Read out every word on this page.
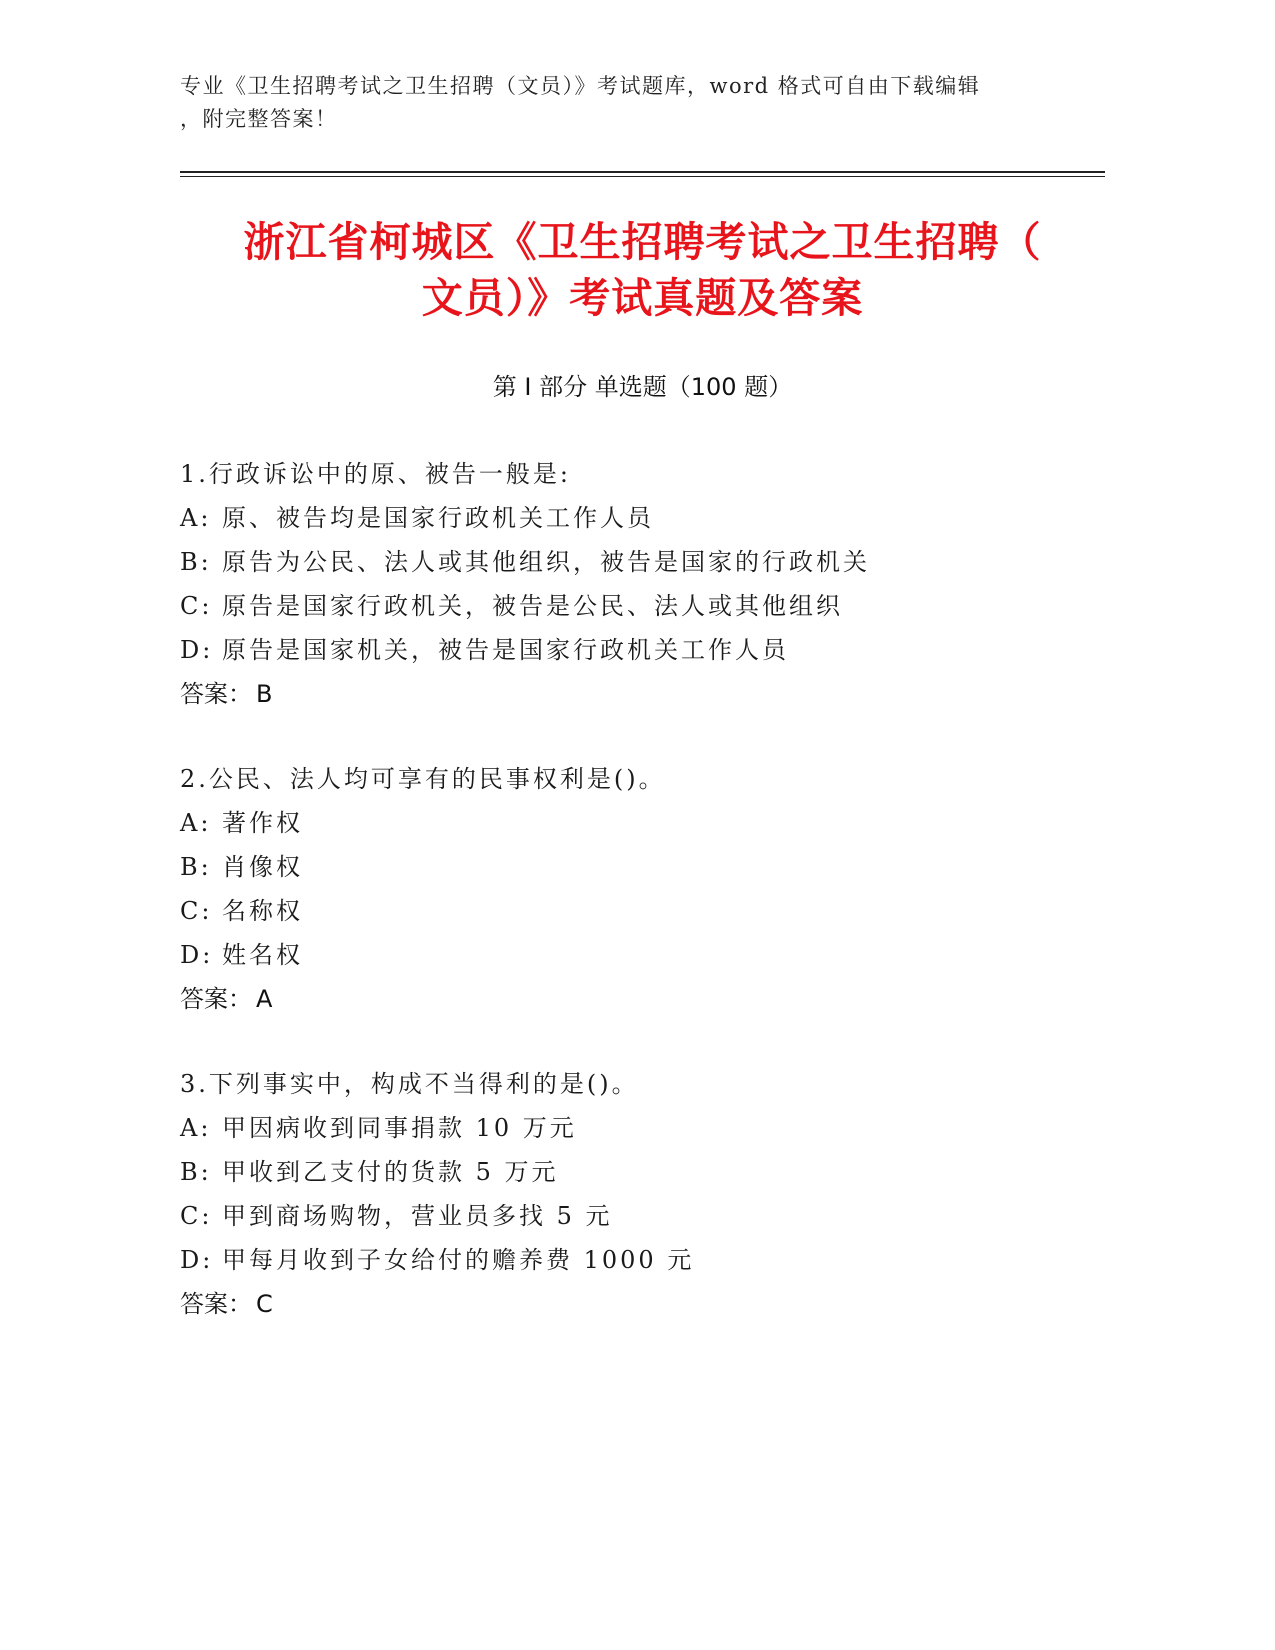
专业《卫生招聘考试之卫生招聘（文员）》考试题库，word 格式可自由下载编辑
，附完整答案！
浙江省柯城区《卫生招聘考试之卫生招聘（
文员）》考试真题及答案
第 I 部分 单选题（100 题）
1.行政诉讼中的原、被告一般是:
A: 原、被告均是国家行政机关工作人员
B: 原告为公民、法人或其他组织，被告是国家的行政机关
C: 原告是国家行政机关，被告是公民、法人或其他组织
D: 原告是国家机关，被告是国家行政机关工作人员
答案： B
2.公民、法人均可享有的民事权利是()。
A: 著作权
B: 肖像权
C: 名称权
D: 姓名权
答案： A
3.下列事实中，构成不当得利的是()。
A: 甲因病收到同事捐款 10 万元
B: 甲收到乙支付的货款 5 万元
C: 甲到商场购物，营业员多找 5 元
D: 甲每月收到子女给付的赡养费 1000 元
答案： C
